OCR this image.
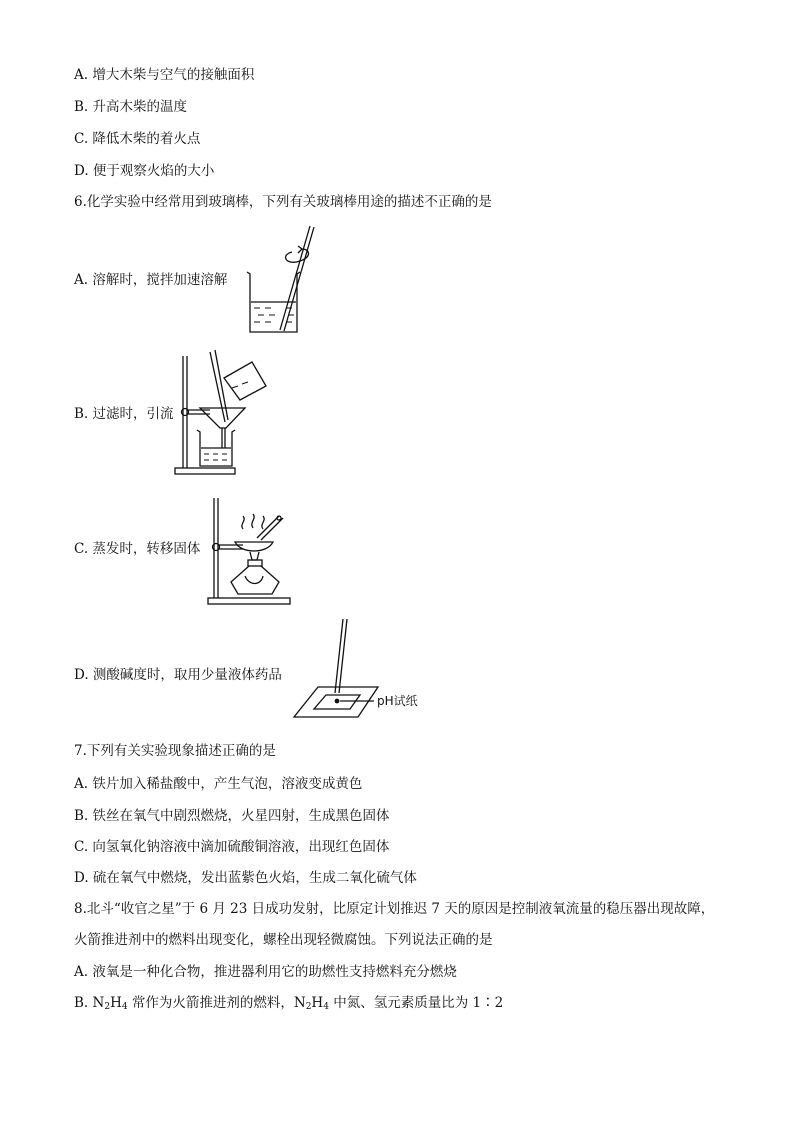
A. 增大木柴与空气的接触面积
B. 升高木柴的温度
C. 降低木柴的着火点
D. 便于观察火焰的大小
6.化学实验中经常用到玻璃棒，下列有关玻璃棒用途的描述不正确的是
A. 溶解时，搅拌加速溶解
B. 过滤时，引流
C. 蒸发时，转移固体
D. 测酸碱度时，取用少量液体药品
pH试纸
7.下列有关实验现象描述正确的是
A. 铁片加入稀盐酸中，产生气泡，溶液变成黄色
B. 铁丝在氧气中剧烈燃烧，火星四射，生成黑色固体
C. 向氢氧化钠溶液中滴加硫酸铜溶液，出现红色固体
D. 硫在氧气中燃烧，发出蓝紫色火焰，生成二氧化硫气体
8.北斗“收官之星”于 6 月 23 日成功发射，比原定计划推迟 7 天的原因是控制液氧流量的稳压器出现故障，
火箭推进剂中的燃料出现变化，螺栓出现轻微腐蚀。下列说法正确的是
A. 液氧是一种化合物，推进器利用它的助燃性支持燃料充分燃烧
B. $N_2H_4$ 常作为火箭推进剂的燃料，$N_2H_4$ 中氮、氢元素质量比为 1∶2
